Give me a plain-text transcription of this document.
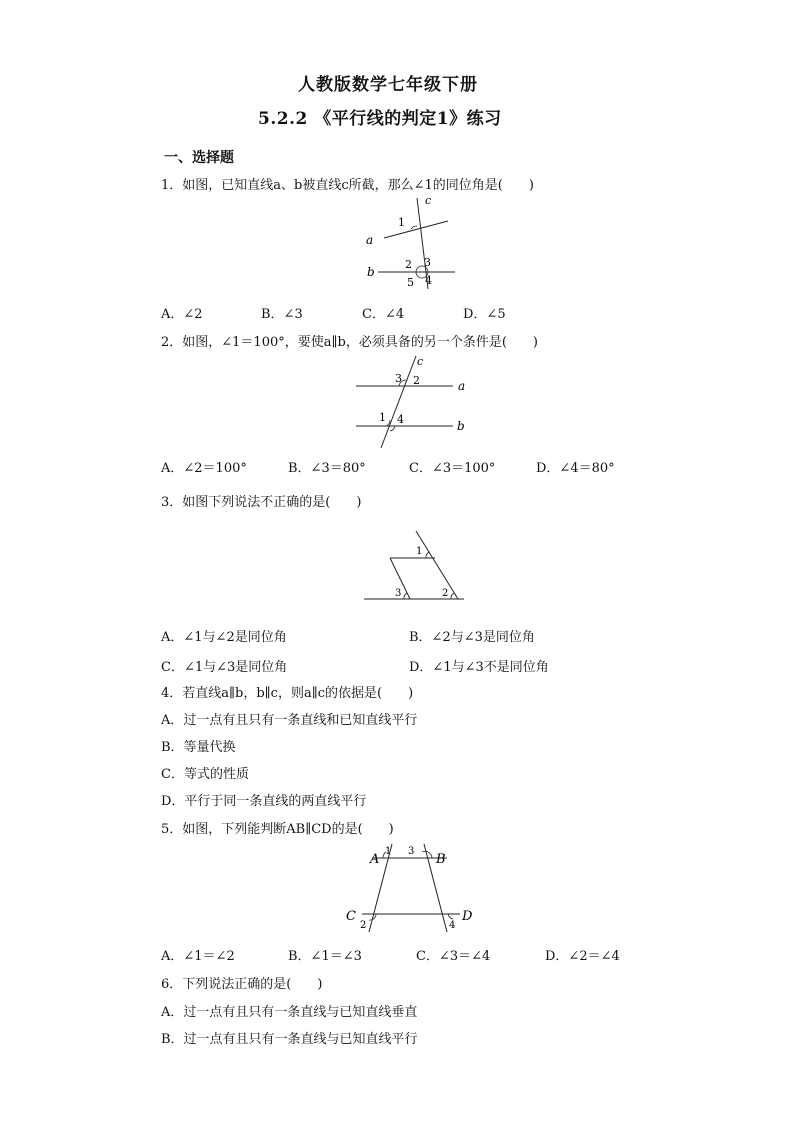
人教版数学七年级下册
5.2.2 《平行线的判定1》练习
一、选择题
1．如图，已知直线a、b被直线c所截，那么∠1的同位角是(　　)
c
1
a
2 3
b
5 4
A．∠2	B．∠3	C．∠4	D．∠5
2．如图，∠1＝100°，要使a∥b，必须具备的另一个条件是(　　)
c
3 2	a
1 4	b
A．∠2＝100°	B．∠3＝80°	C．∠3＝100°	D．∠4＝80°
3．如图下列说法不正确的是(　　)
1
3	2
A．∠1与∠2是同位角	B．∠2与∠3是同位角
C．∠1与∠3是同位角	D．∠1与∠3不是同位角
4．若直线a∥b，b∥c，则a∥c的依据是(　　)
A．过一点有且只有一条直线和已知直线平行
B．等量代换
C．等式的性质
D．平行于同一条直线的两直线平行
5．如图，下列能判断AB∥CD的是(　　)
A
1 3
B
C
2	4
D
A．∠1＝∠2	B．∠1＝∠3	C．∠3＝∠4	D．∠2＝∠4
6．下列说法正确的是(　　)
A．过一点有且只有一条直线与已知直线垂直
B．过一点有且只有一条直线与已知直线平行
